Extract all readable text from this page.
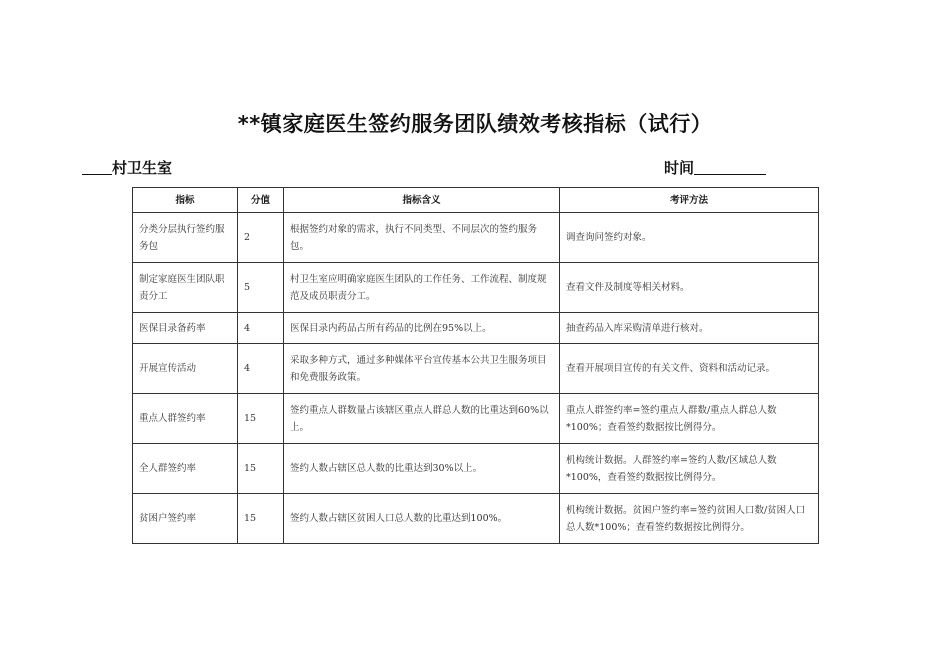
**镇家庭医生签约服务团队绩效考核指标（试行）
村卫生室	时间
指标	分值	指标含义	考评方法
分类分层执行签约服务包	2	根据签约对象的需求，执行不同类型、不同层次的签约服务包。	调查询问签约对象。
制定家庭医生团队职责分工	5	村卫生室应明确家庭医生团队的工作任务、工作流程、制度规范及成员职责分工。	查看文件及制度等相关材料。
医保目录备药率	4	医保目录内药品占所有药品的比例在95%以上。	抽查药品入库采购清单进行核对。
开展宣传活动	4	采取多种方式，通过多种媒体平台宣传基本公共卫生服务项目和免费服务政策。	查看开展项目宣传的有关文件、资料和活动记录。
重点人群签约率	15	签约重点人群数量占该辖区重点人群总人数的比重达到60%以上。	重点人群签约率=签约重点人群数/重点人群总人数*100%；查看签约数据按比例得分。
全人群签约率	15	签约人数占辖区总人数的比重达到30%以上。	机构统计数据。人群签约率=签约人数/区域总人数*100%，查看签约数据按比例得分。
贫困户签约率	15	签约人数占辖区贫困人口总人数的比重达到100%。	机构统计数据。贫困户签约率=签约贫困人口数/贫困人口总人数*100%；查看签约数据按比例得分。
